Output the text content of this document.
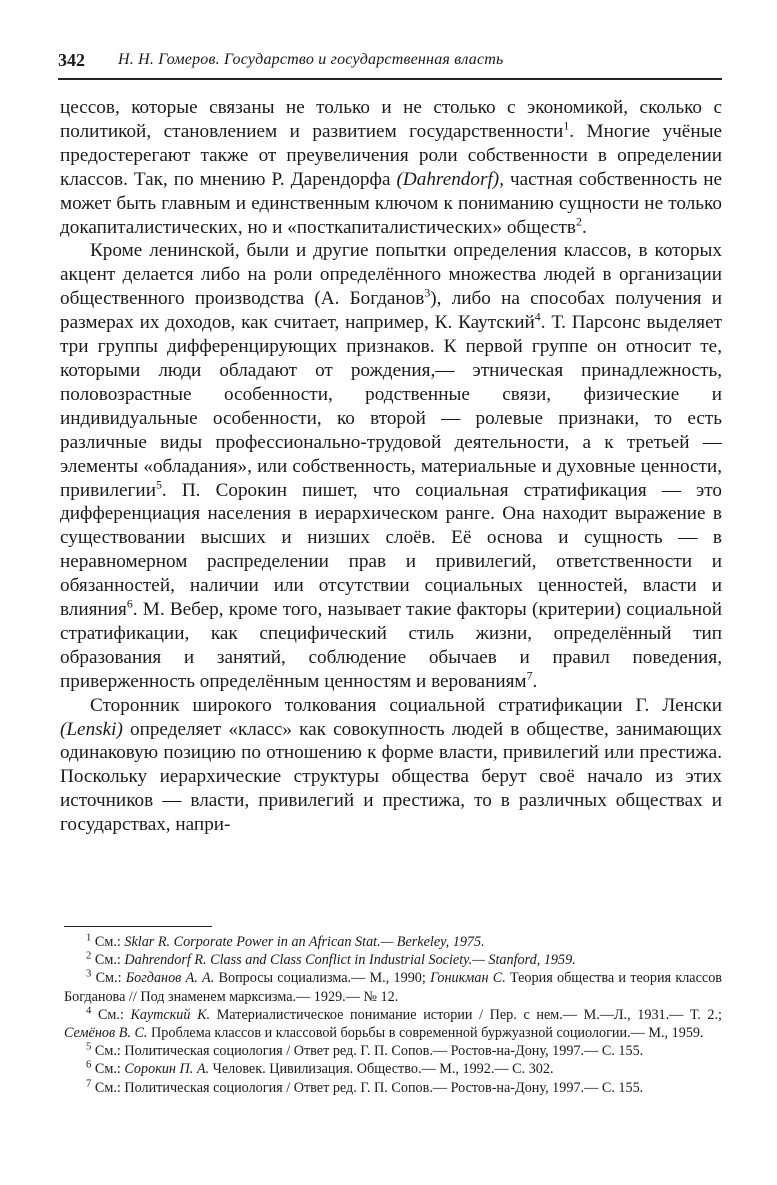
342 Н. Н. Гомеров. Государство и государственная власть

цессов, которые связаны не только и не столько с экономикой, сколько с политикой, становлением и развитием государственности$^1$. Многие учёные предостерегают также от преувеличения роли собственности в определении классов. Так, по мнению Р. Дарендорфа (Dahrendorf), частная собственность не может быть главным и единственным ключом к пониманию сущности не только докапиталистических, но и «посткапиталистических» обществ$^2$.

Кроме ленинской, были и другие попытки определения классов, в которых акцент делается либо на роли определённого множества людей в организации общественного производства (А. Богданов$^3$), либо на способах получения и размерах их доходов, как считает, например, К. Каутский$^4$. Т. Парсонс выделяет три группы дифференцирующих признаков. К первой группе он относит те, которыми люди обладают от рождения,— этническая принадлежность, половозрастные особенности, родственные связи, физические и индивидуальные особенности, ко второй — ролевые признаки, то есть различные виды профессионально-трудовой деятельности, а к третьей — элементы «обладания», или собственность, материальные и духовные ценности, привилегии$^5$. П. Сорокин пишет, что социальная стратификация — это дифференциация населения в иерархическом ранге. Она находит выражение в существовании высших и низших слоёв. Её основа и сущность — в неравномерном распределении прав и привилегий, ответственности и обязанностей, наличии или отсутствии социальных ценностей, власти и влияния$^6$. М. Вебер, кроме того, называет такие факторы (критерии) социальной стратификации, как специфический стиль жизни, определённый тип образования и занятий, соблюдение обычаев и правил поведения, приверженность определённым ценностям и верованиям$^7$.

Сторонник широкого толкования социальной стратификации Г. Ленски (Lenski) определяет «класс» как совокупность людей в обществе, занимающих одинаковую позицию по отношению к форме власти, привилегий или престижа. Поскольку иерархические структуры общества берут своё начало из этих источников — власти, привилегий и престижа, то в различных обществах и государствах, напри-

$^1$ См.: Sklar R. Corporate Power in an African Stat.— Berkeley, 1975.

$^2$ См.: Dahrendorf R. Class and Class Conflict in Industrial Society.— Stanford, 1959.

$^3$ См.: Богданов А. А. Вопросы социализма.— М., 1990; Гоникман С. Теория общества и теория классов Богданова // Под знаменем марксизма.— 1929.— № 12.

$^4$ См.: Каутский К. Материалистическое понимание истории / Пер. с нем.— М.—Л., 1931.— Т. 2.; Семёнов В. С. Проблема классов и классовой борьбы в современной буржуазной социологии.— М., 1959.

$^5$ См.: Политическая социология / Ответ ред. Г. П. Сопов.— Ростов-на-Дону, 1997.— С. 155.

$^6$ См.: Сорокин П. А. Человек. Цивилизация. Общество.— М., 1992.— С. 302.

$^7$ См.: Политическая социология / Ответ ред. Г. П. Сопов.— Ростов-на-Дону, 1997.— С. 155.
